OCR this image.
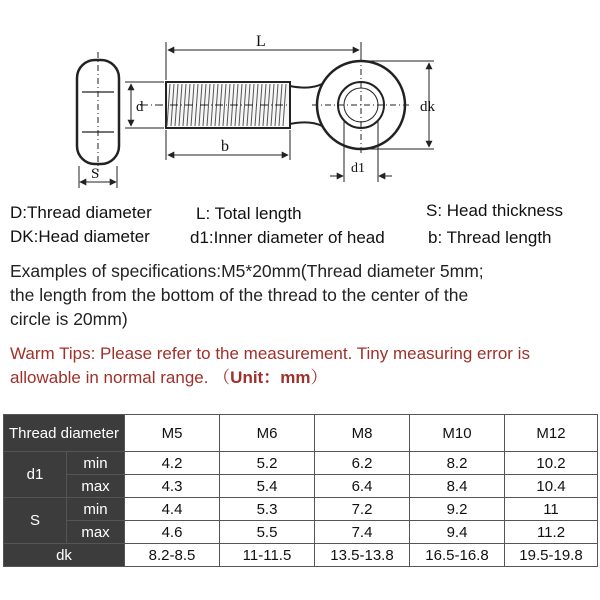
S
L
d
b
dk
d1
D:Thread diameter	L: Total length	S: Head thickness
DK:Head diameter d1:Inner diameter of head	b: Thread length
Examples of specifications:M5*20mm(Thread diameter 5mm;
the length from the bottom of the thread to the center of the
circle is 20mm)
Warm Tips: Please refer to the measurement. Tiny measuring error is
allowable in normal range. （Unit：mm）
Thread diameter		M5	M6	M8	M10	M12
d1	min	4.2	5.2	6.2	8.2	10.2
	max	4.3	5.4	6.4	8.4	10.4
S	min	4.4	5.3	7.2	9.2	11
	max	4.6	5.5	7.4	9.4	11.2
dk		8.2-8.5	11-11.5	13.5-13.8	16.5-16.8	19.5-19.8
